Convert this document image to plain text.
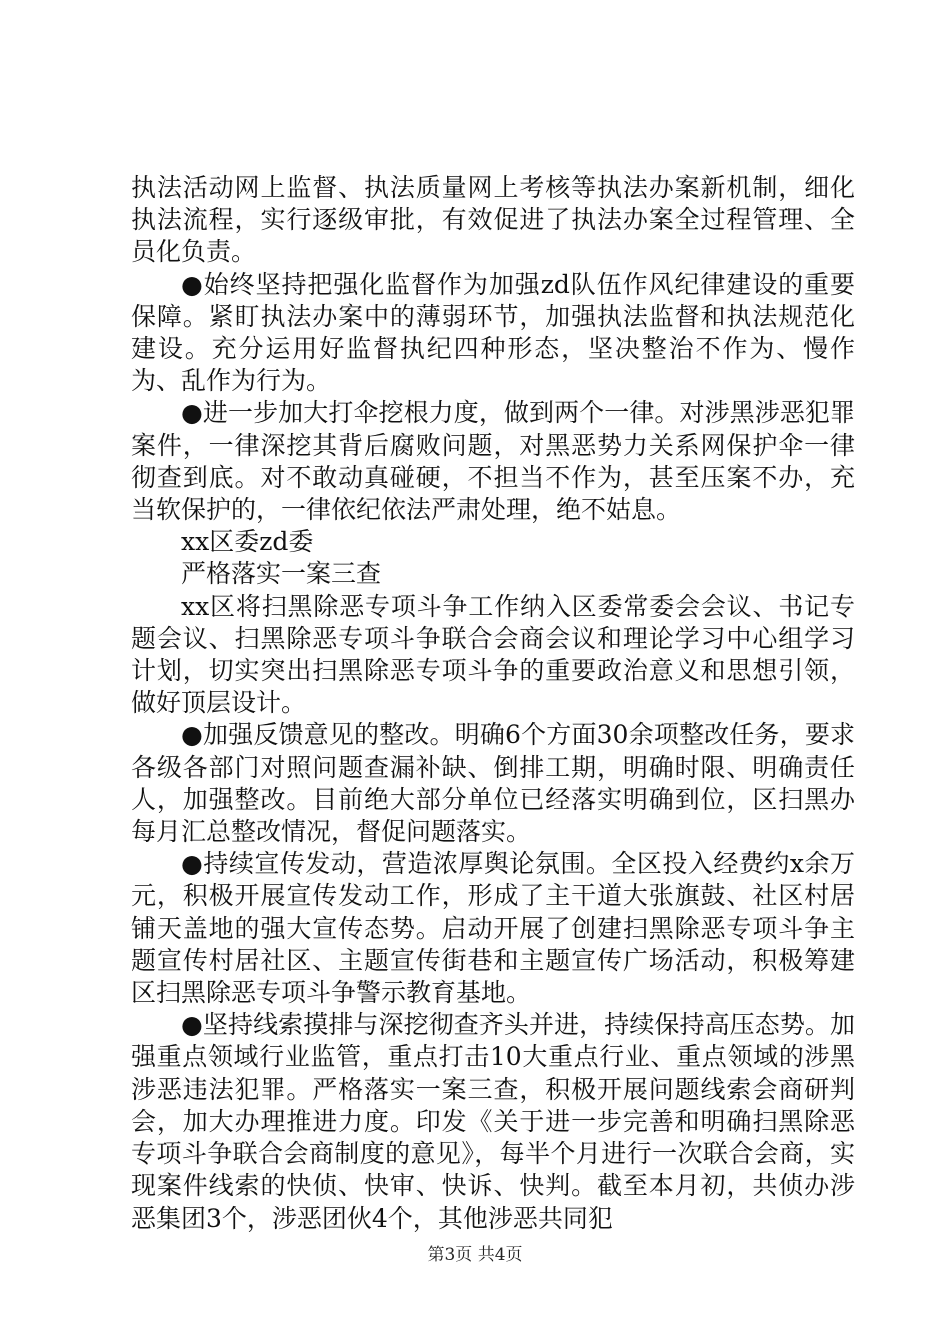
执法活动网上监督、执法质量网上考核等执法办案新机制，细化执法流程，实行逐级审批，有效促进了执法办案全过程管理、全员化负责。

●始终坚持把强化监督作为加强zd队伍作风纪律建设的重要保障。紧盯执法办案中的薄弱环节，加强执法监督和执法规范化建设。充分运用好监督执纪四种形态，坚决整治不作为、慢作为、乱作为行为。

●进一步加大打伞挖根力度，做到两个一律。对涉黑涉恶犯罪案件，一律深挖其背后腐败问题，对黑恶势力关系网保护伞一律彻查到底。对不敢动真碰硬，不担当不作为，甚至压案不办，充当软保护的，一律依纪依法严肃处理，绝不姑息。

xx区委zd委

严格落实一案三查

xx区将扫黑除恶专项斗争工作纳入区委常委会会议、书记专题会议、扫黑除恶专项斗争联合会商会议和理论学习中心组学习计划，切实突出扫黑除恶专项斗争的重要政治意义和思想引领，做好顶层设计。

●加强反馈意见的整改。明确6个方面30余项整改任务，要求各级各部门对照问题查漏补缺、倒排工期，明确时限、明确责任人，加强整改。目前绝大部分单位已经落实明确到位，区扫黑办每月汇总整改情况，督促问题落实。

●持续宣传发动，营造浓厚舆论氛围。全区投入经费约x余万元，积极开展宣传发动工作，形成了主干道大张旗鼓、社区村居铺天盖地的强大宣传态势。启动开展了创建扫黑除恶专项斗争主题宣传村居社区、主题宣传街巷和主题宣传广场活动，积极筹建区扫黑除恶专项斗争警示教育基地。

●坚持线索摸排与深挖彻查齐头并进，持续保持高压态势。加强重点领域行业监管，重点打击10大重点行业、重点领域的涉黑涉恶违法犯罪。严格落实一案三查，积极开展问题线索会商研判会，加大办理推进力度。印发《关于进一步完善和明确扫黑除恶专项斗争联合会商制度的意见》，每半个月进行一次联合会商，实现案件线索的快侦、快审、快诉、快判。截至本月初，共侦办涉恶集团3个，涉恶团伙4个，其他涉恶共同犯

第3页 共4页
